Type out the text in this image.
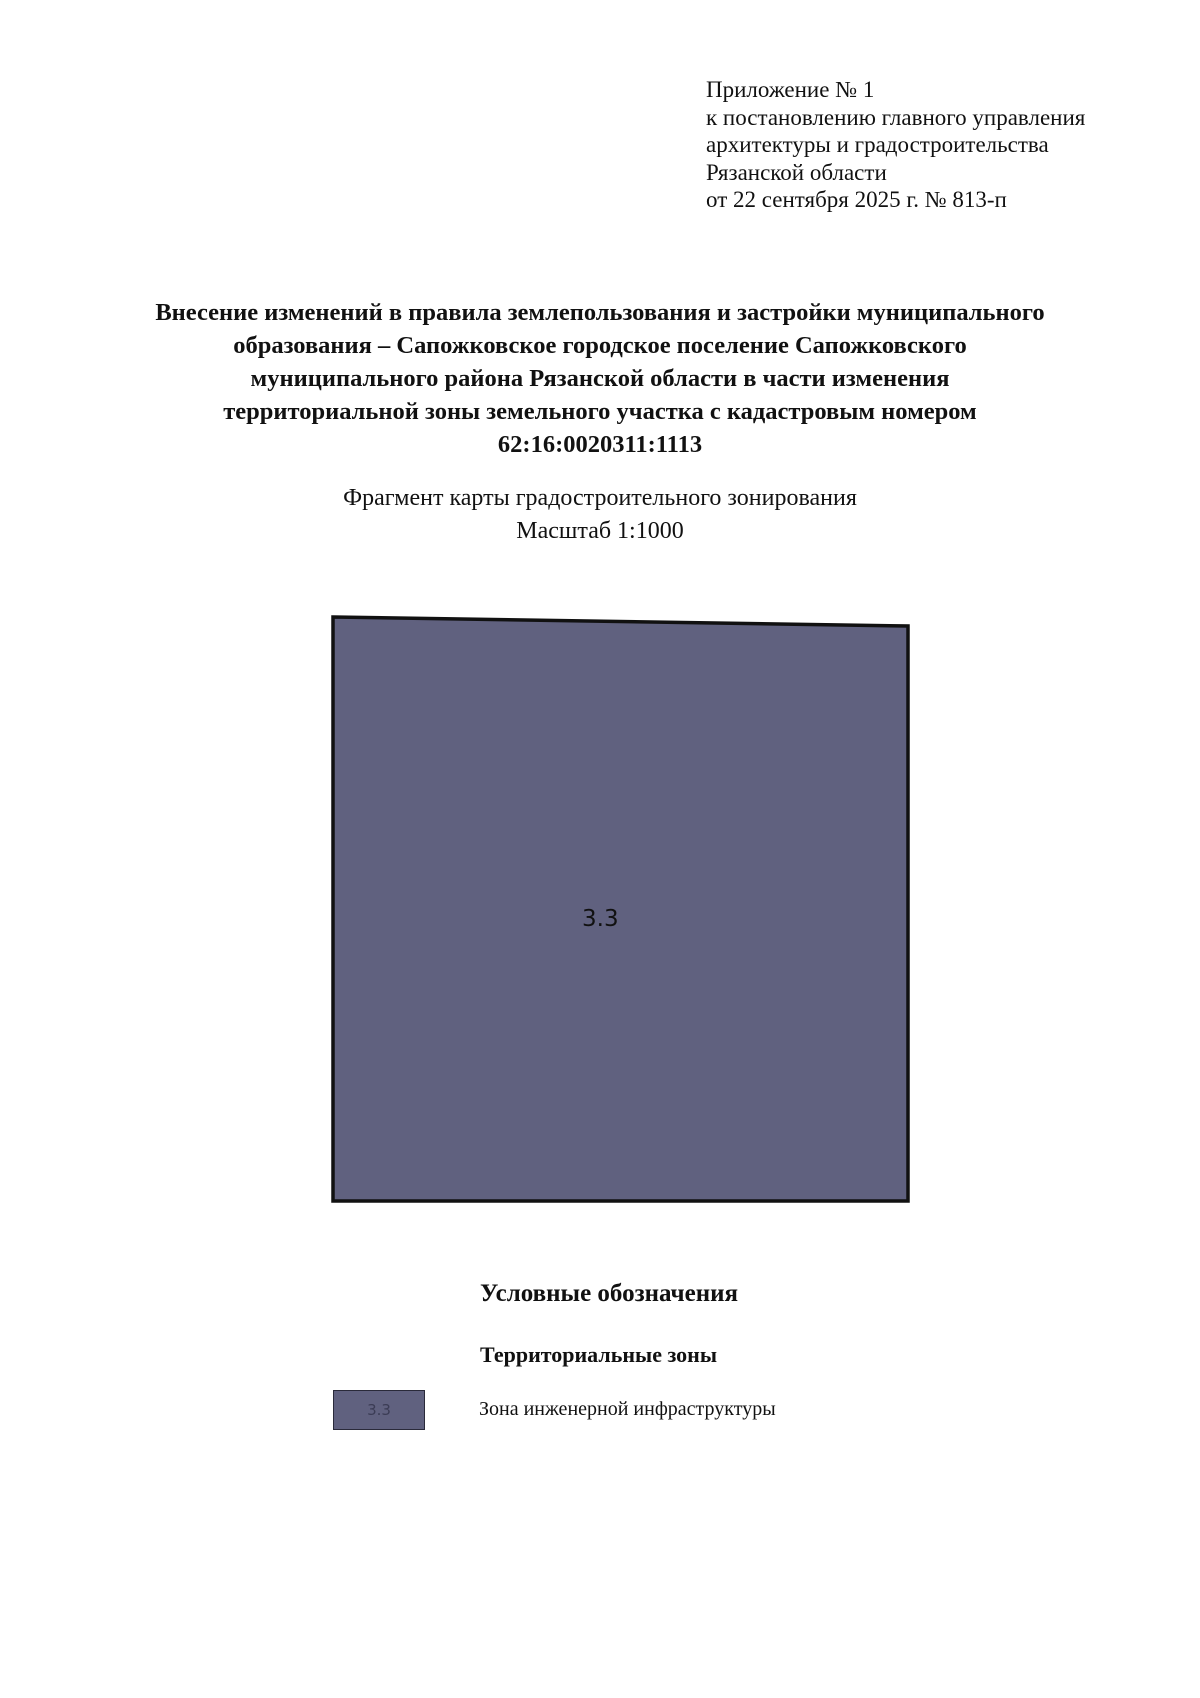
Приложение № 1
к постановлению главного управления
архитектуры и градостроительства
Рязанской области
от 22 сентября 2025 г. № 813-п
Внесение изменений в правила землепользования и застройки муниципального
образования – Сапожковское городское поселение Сапожковского
муниципального района Рязанской области в части изменения
территориальной зоны земельного участка с кадастровым номером
62:16:0020311:1113
Фрагмент карты градостроительного зонирования
Масштаб 1:1000
3.3
Условные обозначения
Территориальные зоны
3.3	Зона инженерной инфраструктуры
